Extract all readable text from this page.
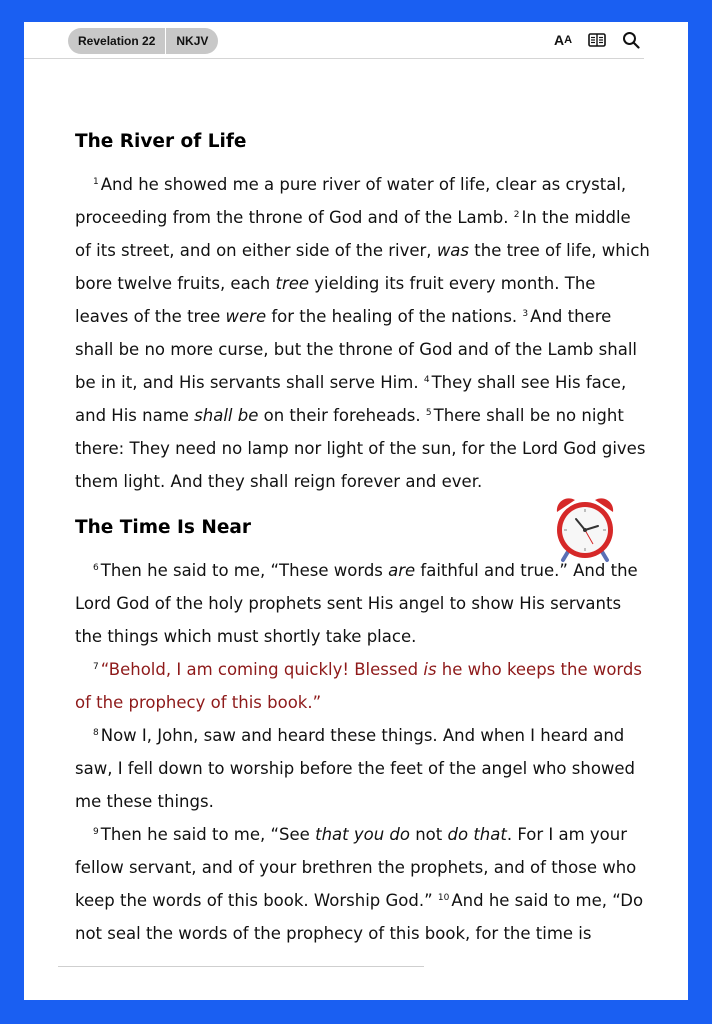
Revelation 22	NKJV	A A
The River of Life

$^1$ And he showed me a pure river of water of life, clear as crystal, proceeding from the throne of God and of the Lamb. $^2$ In the middle of its street, and on either side of the river, was the tree of life, which bore twelve fruits, each tree yielding its fruit every month. The leaves of the tree were for the healing of the nations. $^3$ And there shall be no more curse, but the throne of God and of the Lamb shall be in it, and His servants shall serve Him. $^4$ They shall see His face, and His name shall be on their foreheads. $^5$ There shall be no night there: They need no lamp nor light of the sun, for the Lord God gives them light. And they shall reign forever and ever.

The Time Is Near

$^6$ Then he said to me, “These words are faithful and true.” And the Lord God of the holy prophets sent His angel to show His servants the things which must shortly take place.

$^7$ “Behold, I am coming quickly! Blessed is he who keeps the words of the prophecy of this book.”

$^8$ Now I, John, saw and heard these things. And when I heard and saw, I fell down to worship before the feet of the angel who showed me these things.

$^9$ Then he said to me, “See that you do not do that. For I am your fellow servant, and of your brethren the prophets, and of those who keep the words of this book. Worship God.” $^{10}$ And he said to me, “Do not seal the words of the prophecy of this book, for the time is
